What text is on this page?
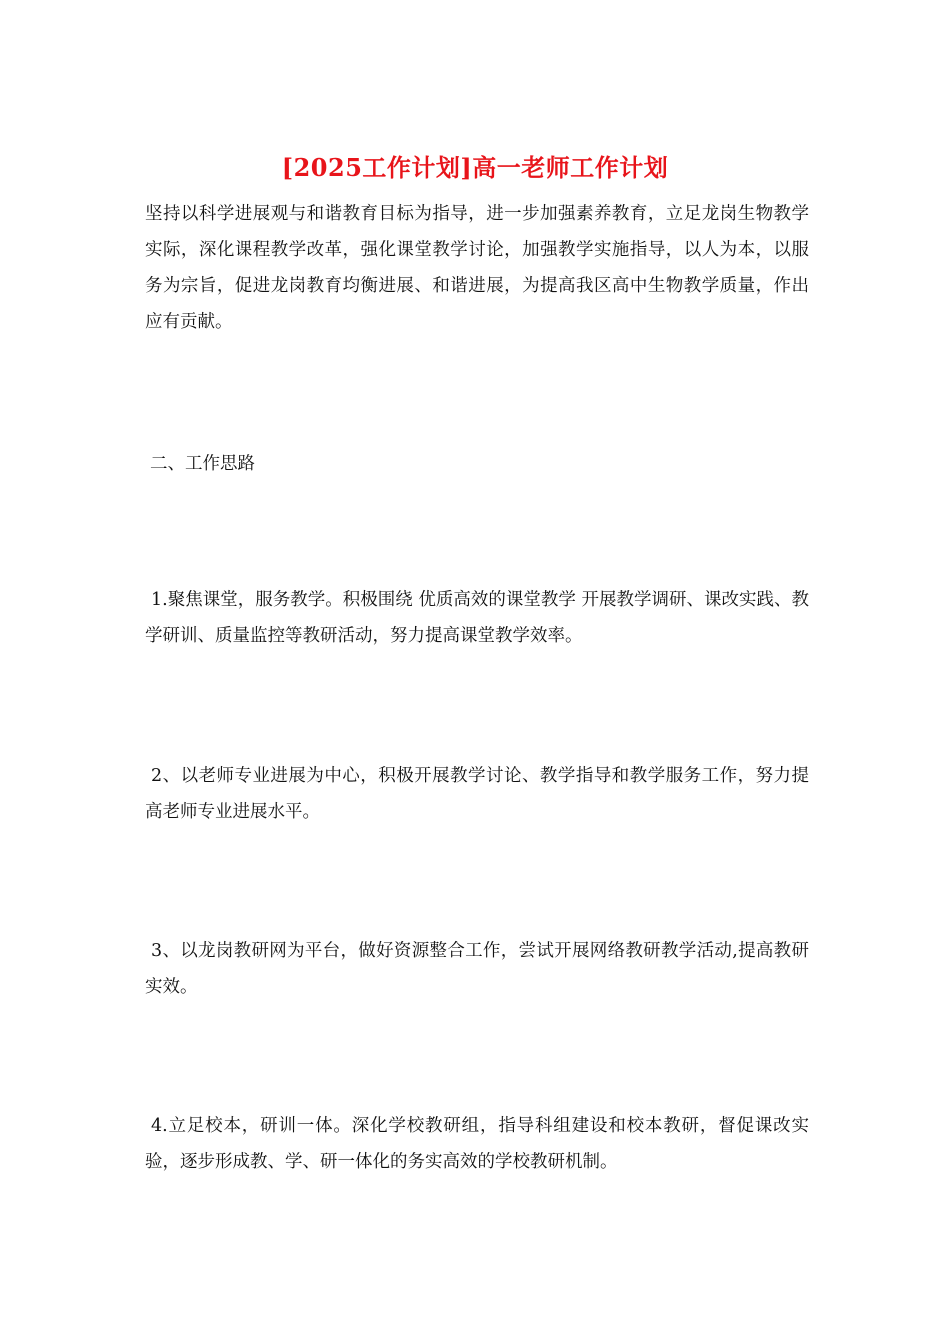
[2025工作计划]高一老师工作计划

坚持以科学进展观与和谐教育目标为指导，进一步加强素养教育，立足龙岗生物教学实际，深化课程教学改革，强化课堂教学讨论，加强教学实施指导，以人为本，以服务为宗旨，促进龙岗教育均衡进展、和谐进展，为提高我区高中生物教学质量，作出应有贡献。

二、工作思路

1.聚焦课堂，服务教学。积极围绕 优质高效的课堂教学 开展教学调研、课改实践、教学研训、质量监控等教研活动，努力提高课堂教学效率。

2、以老师专业进展为中心，积极开展教学讨论、教学指导和教学服务工作，努力提高老师专业进展水平。

3、以龙岗教研网为平台，做好资源整合工作，尝试开展网络教研教学活动,提高教研实效。

4.立足校本，研训一体。深化学校教研组，指导科组建设和校本教研，督促课改实验，逐步形成教、学、研一体化的务实高效的学校教研机制。
